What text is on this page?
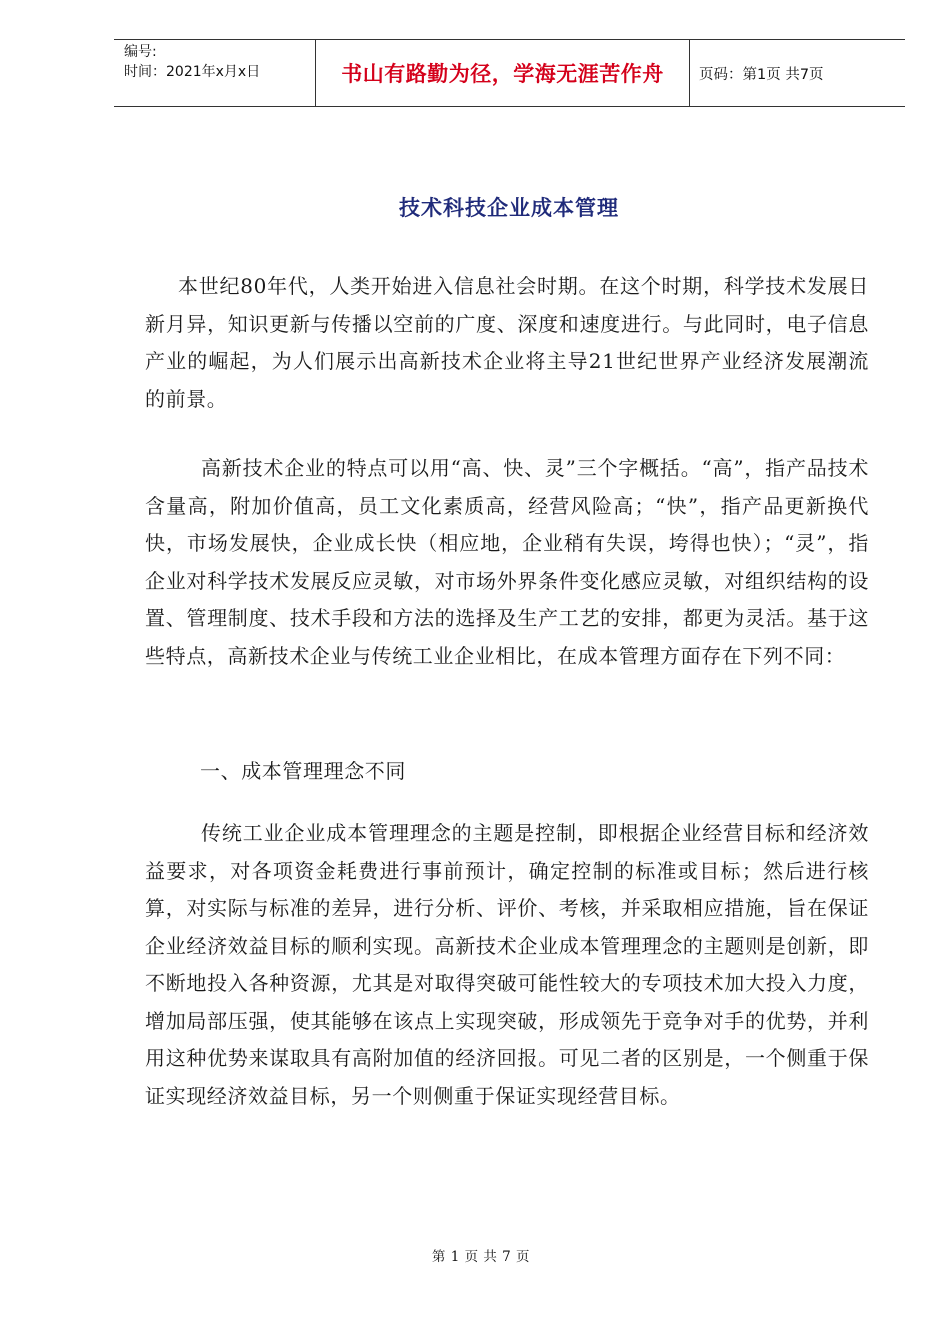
编号:
时间：2021年x月x日	书山有路勤为径，学海无涯苦作舟	页码：第1页 共7页
技术科技企业成本管理

本世纪80年代，人类开始进入信息社会时期。在这个时期，科学技术发展日新月异，知识更新与传播以空前的广度、深度和速度进行。与此同时，电子信息产业的崛起，为人们展示出高新技术企业将主导21世纪世界产业经济发展潮流的前景。

高新技术企业的特点可以用“高、快、灵”三个字概括。“高”，指产品技术含量高，附加价值高，员工文化素质高，经营风险高；“快”，指产品更新换代快，市场发展快，企业成长快（相应地，企业稍有失误，垮得也快）；“灵”，指企业对科学技术发展反应灵敏，对市场外界条件变化感应灵敏，对组织结构的设置、管理制度、技术手段和方法的选择及生产工艺的安排，都更为灵活。基于这些特点，高新技术企业与传统工业企业相比，在成本管理方面存在下列不同：

一、成本管理理念不同

传统工业企业成本管理理念的主题是控制，即根据企业经营目标和经济效益要求，对各项资金耗费进行事前预计，确定控制的标准或目标；然后进行核算，对实际与标准的差异，进行分析、评价、考核，并采取相应措施，旨在保证企业经济效益目标的顺利实现。高新技术企业成本管理理念的主题则是创新，即不断地投入各种资源，尤其是对取得突破可能性较大的专项技术加大投入力度，增加局部压强，使其能够在该点上实现突破，形成领先于竞争对手的优势，并利用这种优势来谋取具有高附加值的经济回报。可见二者的区别是，一个侧重于保证实现经济效益目标，另一个则侧重于保证实现经营目标。

第 1 页 共 7 页
